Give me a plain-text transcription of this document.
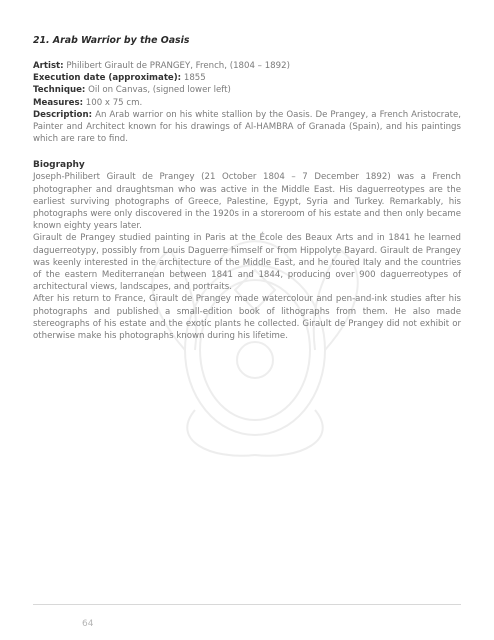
21. Arab Warrior by the Oasis

Artist: Philibert Girault de PRANGEY, French, (1804 – 1892)

Execution date (approximate): 1855

Technique: Oil on Canvas, (signed lower left)

Measures: 100 x 75 cm.

Description: An Arab warrior on his white stallion by the Oasis. De Prangey, a French Aristocrate, Painter and Architect known for his drawings of Al-HAMBRA of Granada (Spain), and his paintings which are rare to find.

Biography

Joseph-Philibert Girault de Prangey (21 October 1804 – 7 December 1892) was a French photographer and draughtsman who was active in the Middle East. His daguerreotypes are the earliest surviving photographs of Greece, Palestine, Egypt, Syria and Turkey. Remarkably, his photographs were only discovered in the 1920s in a storeroom of his estate and then only became known eighty years later.

Girault de Prangey studied painting in Paris at the École des Beaux Arts and in 1841 he learned daguerreotypy, possibly from Louis Daguerre himself or from Hippolyte Bayard. Girault de Prangey was keenly interested in the architecture of the Middle East, and he toured Italy and the countries of the eastern Mediterranean between 1841 and 1844, producing over 900 daguerreotypes of architectural views, landscapes, and portraits.

After his return to France, Girault de Prangey made watercolour and pen-and-ink studies after his photographs and published a small-edition book of lithographs from them. He also made stereographs of his estate and the exotic plants he collected. Girault de Prangey did not exhibit or otherwise make his photographs known during his lifetime.

64
